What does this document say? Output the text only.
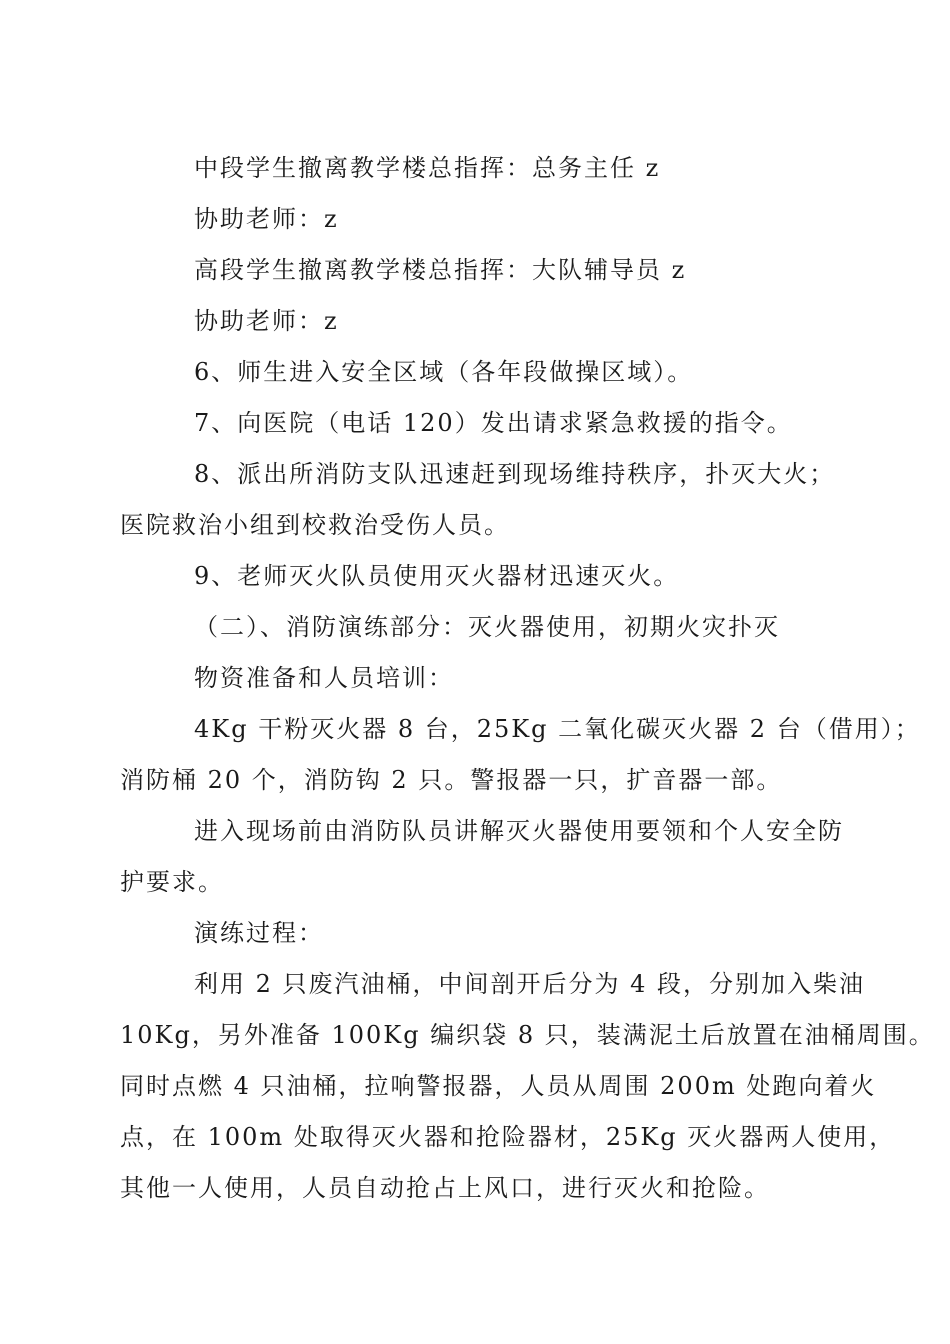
中段学生撤离教学楼总指挥：总务主任 z
协助老师：z
高段学生撤离教学楼总指挥：大队辅导员 z
协助老师：z
6、师生进入安全区域（各年段做操区域）。
7、向医院（电话 120）发出请求紧急救援的指令。
8、派出所消防支队迅速赶到现场维持秩序，扑灭大火；
医院救治小组到校救治受伤人员。
9、老师灭火队员使用灭火器材迅速灭火。
（二）、消防演练部分：灭火器使用，初期火灾扑灭
物资准备和人员培训：
4Kg 干粉灭火器 8 台，25Kg 二氧化碳灭火器 2 台（借用）；
消防桶 20 个，消防钩 2 只。警报器一只，扩音器一部。
进入现场前由消防队员讲解灭火器使用要领和个人安全防
护要求。
演练过程：
利用 2 只废汽油桶，中间剖开后分为 4 段，分别加入柴油
10Kg，另外准备 100Kg 编织袋 8 只，装满泥土后放置在油桶周围。
同时点燃 4 只油桶，拉响警报器，人员从周围 200m 处跑向着火
点，在 100m 处取得灭火器和抢险器材，25Kg 灭火器两人使用，
其他一人使用，人员自动抢占上风口，进行灭火和抢险。
